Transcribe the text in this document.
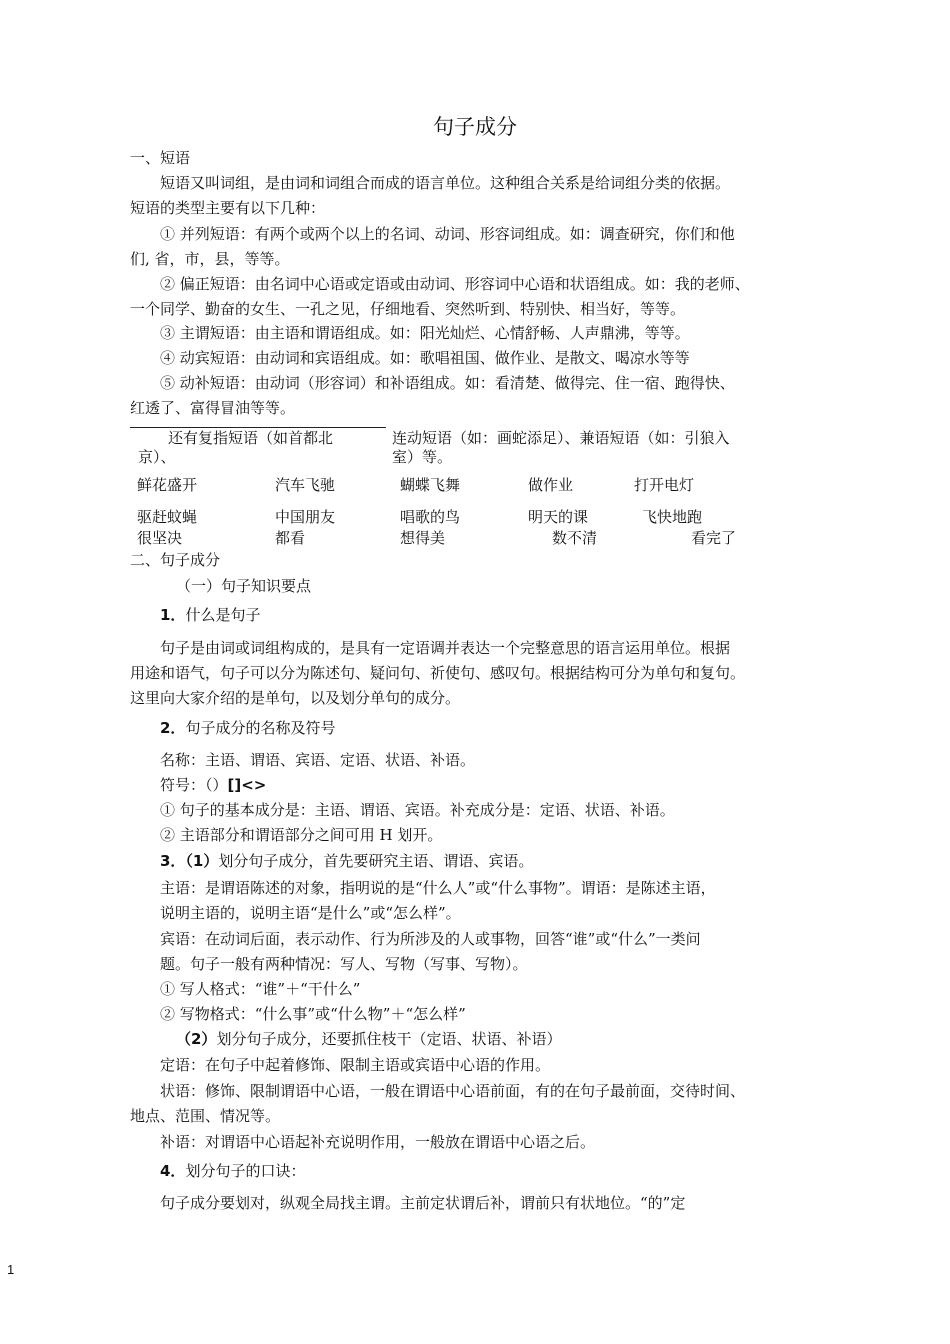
句子成分
一、短语
短语又叫词组，是由词和词组合而成的语言单位。这种组合关系是给词组分类的依据。
短语的类型主要有以下几种：
① 并列短语：有两个或两个以上的名词、动词、形容词组成。如：调查研究，你们和他
们, 省，市，县，等等。
② 偏正短语：由名词中心语或定语或由动词、形容词中心语和状语组成。如：我的老师、
一个同学、勤奋的女生、一孔之见，仔细地看、突然听到、特别快、相当好，等等。
③ 主谓短语：由主语和谓语组成。如：阳光灿烂、心情舒畅、人声鼎沸，等等。
④ 动宾短语：由动词和宾语组成。如：歌唱祖国、做作业、是散文、喝凉水等等
⑤ 动补短语：由动词（形容词）和补语组成。如：看清楚、做得完、住一宿、跑得快、
红透了、富得冒油等等。
还有复指短语（如首都北
京）、
连动短语（如：画蛇添足）、兼语短语（如：引狼入
室）等。
鲜花盛开	汽车飞驰	蝴蝶飞舞	做作业	打开电灯
驱赶蚊蝇	中国朋友	唱歌的鸟	明天的课	飞快地跑
很坚决	都看	想得美	数不清	看完了
二、句子成分
（一）句子知识要点
1．什么是句子
句子是由词或词组构成的，是具有一定语调并表达一个完整意思的语言运用单位。根据
用途和语气，句子可以分为陈述句、疑问句、祈使句、感叹句。根据结构可分为单句和复句。
这里向大家介绍的是单句，以及划分单句的成分。
2．句子成分的名称及符号
名称：主语、谓语、宾语、定语、状语、补语。
符号：（）[]<>
① 句子的基本成分是：主语、谓语、宾语。补充成分是：定语、状语、补语。
② 主语部分和谓语部分之间可用 H 划开。
3．（1）划分句子成分，首先要研究主语、谓语、宾语。
主语：是谓语陈述的对象，指明说的是“什么人”或“什么事物”。谓语：是陈述主语，
说明主语的，说明主语“是什么”或“怎么样”。
宾语：在动词后面，表示动作、行为所涉及的人或事物，回答“谁”或“什么”一类问
题。句子一般有两种情况：写人、写物（写事、写物）。
① 写人格式：“谁”＋“干什么”
② 写物格式：“什么事”或“什么物”＋“怎么样”
（2）划分句子成分，还要抓住枝干（定语、状语、补语）
定语：在句子中起着修饰、限制主语或宾语中心语的作用。
状语：修饰、限制谓语中心语，一般在谓语中心语前面，有的在句子最前面，交待时间、
地点、范围、情况等。
补语：对谓语中心语起补充说明作用，一般放在谓语中心语之后。
4．划分句子的口诀：
句子成分要划对，纵观全局找主谓。主前定状谓后补，谓前只有状地位。“的”定
1
